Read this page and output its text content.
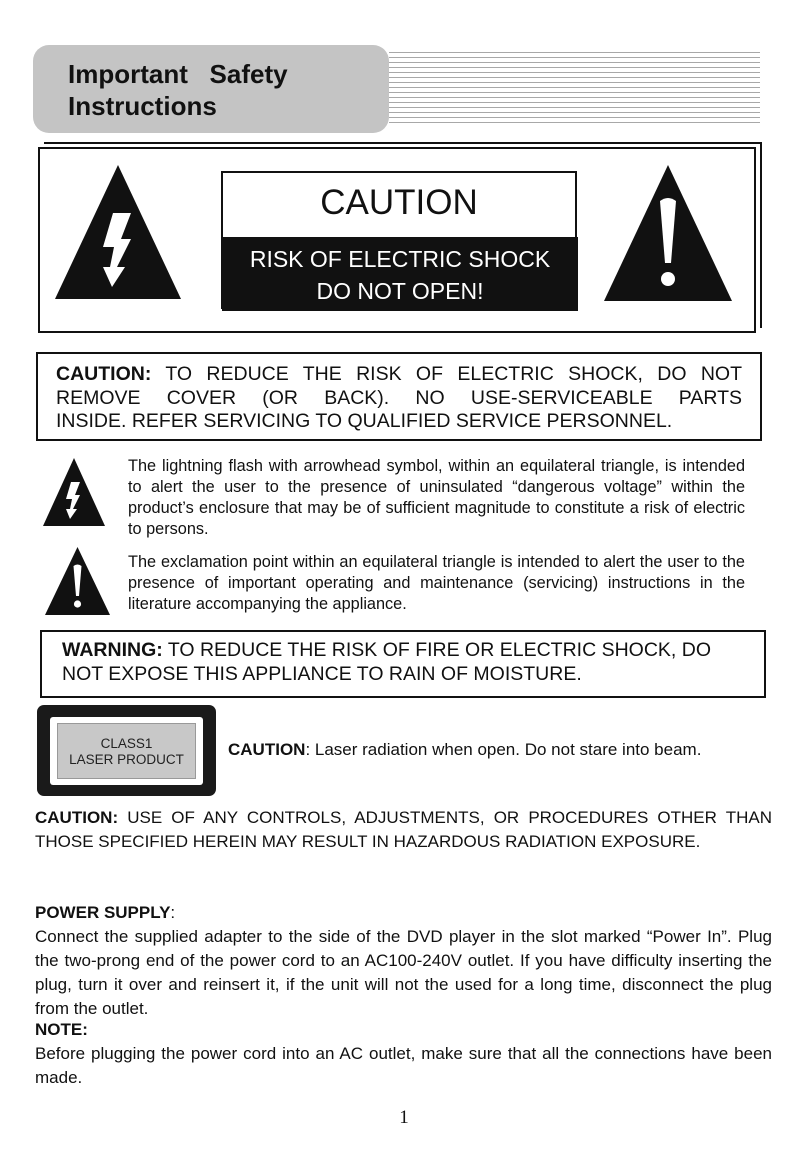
Important   Safety
Instructions
CAUTION
RISK OF ELECTRIC SHOCK
DO NOT OPEN!

CAUTION: TO REDUCE THE RISK OF ELECTRIC SHOCK, DO NOT REMOVE COVER (OR BACK). NO USE-SERVICEABLE PARTS

INSIDE. REFER SERVICING TO QUALIFIED SERVICE PERSONNEL.

The lightning flash with arrowhead symbol, within an equilateral triangle, is intended to alert the user to the presence of uninsulated “dangerous voltage” within the product’s enclosure that may be of sufficient magnitude to constitute a risk of electric to persons.

The exclamation point within an equilateral triangle is intended to alert the user to the presence of important operating and maintenance (servicing) instructions in the literature accompanying the appliance.

WARNING: TO REDUCE THE RISK OF FIRE OR ELECTRIC SHOCK, DO NOT EXPOSE THIS APPLIANCE TO RAIN OF MOISTURE.

CLASS1
LASER PRODUCT

CAUTION: Laser radiation when open. Do not stare into beam.

CAUTION: USE OF ANY CONTROLS, ADJUSTMENTS, OR PROCEDURES OTHER THAN THOSE SPECIFIED HEREIN MAY RESULT IN HAZARDOUS RADIATION EXPOSURE.

POWER SUPPLY:

Connect the supplied adapter to the side of the DVD player in the slot marked “Power In”. Plug the two-prong end of the power cord to an AC100-240V outlet. If you have difficulty inserting the plug, turn it over and reinsert it, if the unit will not the used for a long time, disconnect the plug from the outlet.

NOTE:

Before plugging the power cord into an AC outlet, make sure that all the connections have been made.

1
